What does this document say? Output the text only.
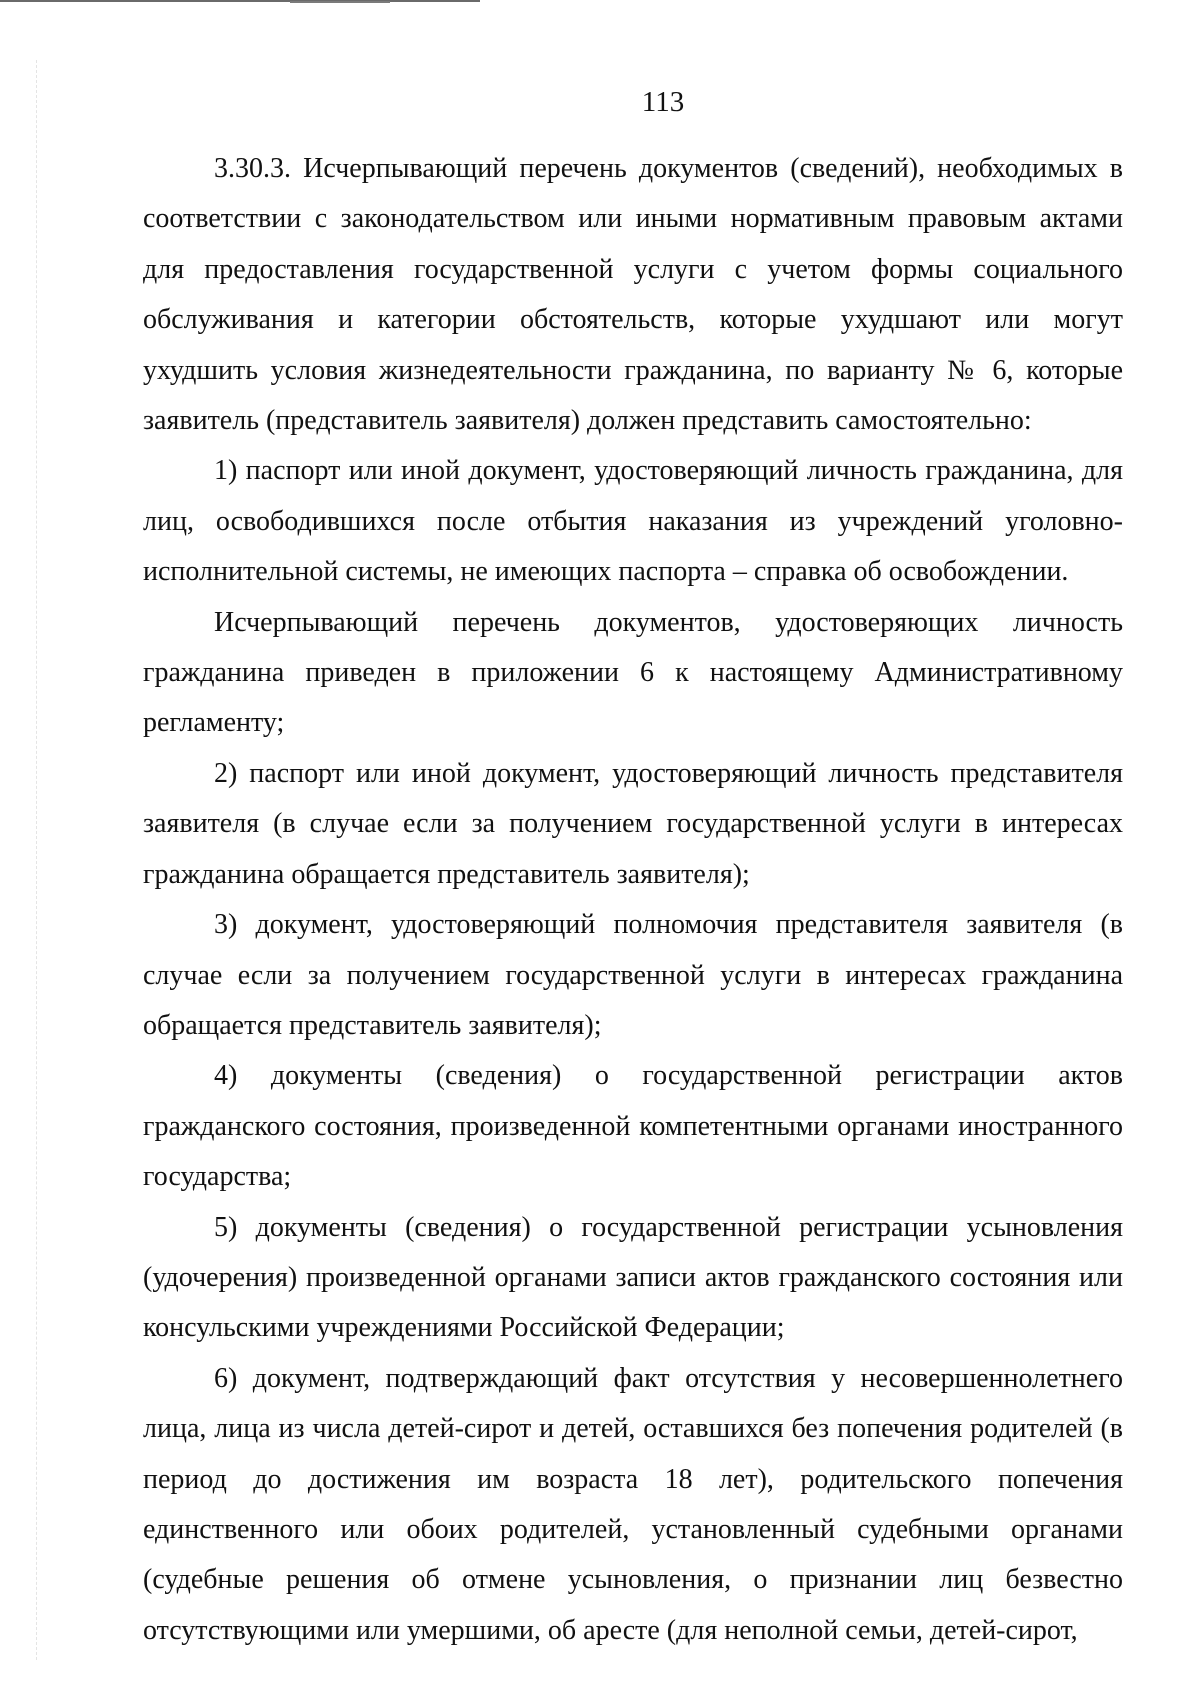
113

3.30.3. Исчерпывающий перечень документов (сведений), необходимых в соответствии с законодательством или иными нормативным правовым актами для предоставления государственной услуги с учетом формы социального обслуживания и категории обстоятельств, которые ухудшают или могут ухудшить условия жизнедеятельности гражданина, по варианту № 6, которые заявитель (представитель заявителя) должен представить самостоятельно:

1) паспорт или иной документ, удостоверяющий личность гражданина, для лиц, освободившихся после отбытия наказания из учреждений уголовно-исполнительной системы, не имеющих паспорта – справка об освобождении.

Исчерпывающий перечень документов, удостоверяющих личность гражданина приведен в приложении 6 к настоящему Административному регламенту;

2) паспорт или иной документ, удостоверяющий личность представителя заявителя (в случае если за получением государственной услуги в интересах гражданина обращается представитель заявителя);

3) документ, удостоверяющий полномочия представителя заявителя (в случае если за получением государственной услуги в интересах гражданина обращается представитель заявителя);

4) документы (сведения) о государственной регистрации актов гражданского состояния, произведенной компетентными органами иностранного государства;

5) документы (сведения) о государственной регистрации усыновления (удочерения) произведенной органами записи актов гражданского состояния или консульскими учреждениями Российской Федерации;

6) документ, подтверждающий факт отсутствия у несовершеннолетнего лица, лица из числа детей-сирот и детей, оставшихся без попечения родителей (в период до достижения им возраста 18 лет), родительского попечения единственного или обоих родителей, установленный судебными органами (судебные решения об отмене усыновления, о признании лиц безвестно отсутствующими или умершими, об аресте (для неполной семьи, детей-сирот,
